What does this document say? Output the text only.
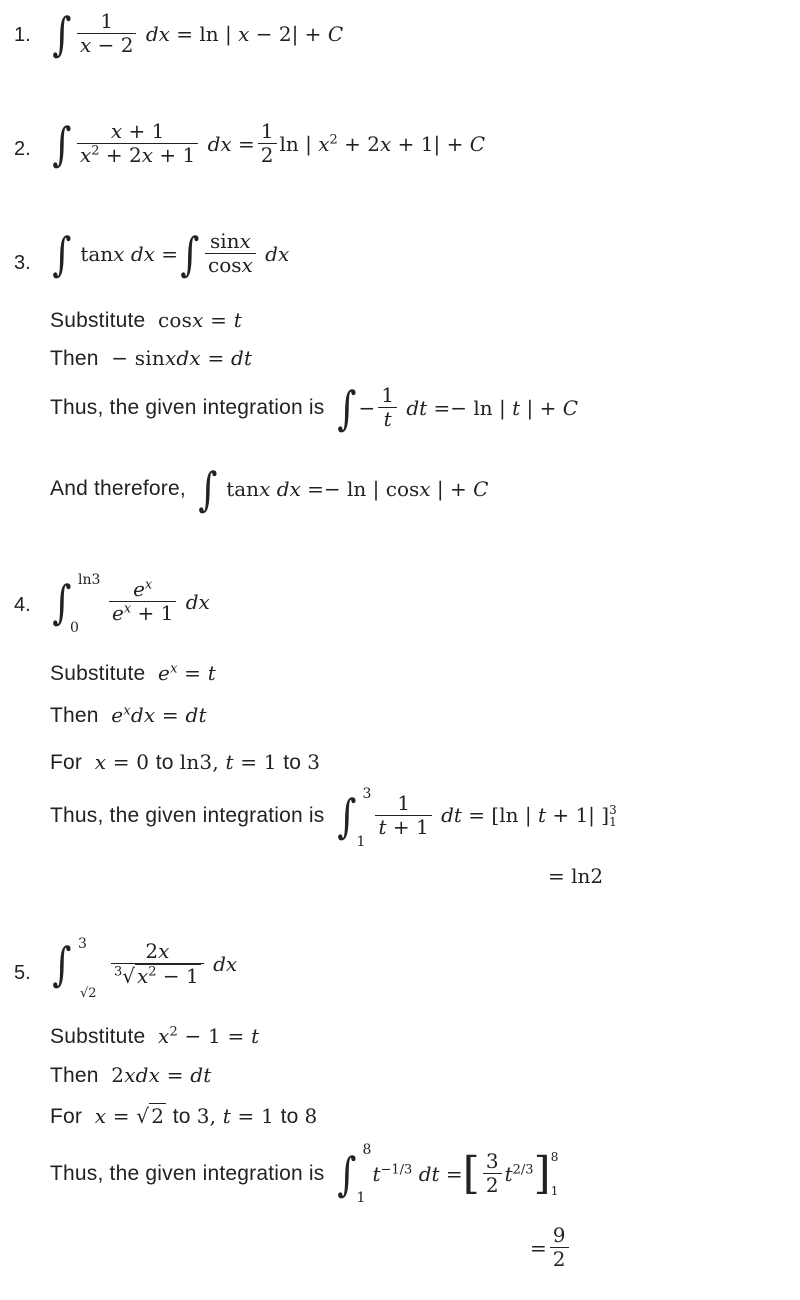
1. ∫ $\frac{1}{x - 2}$ dx = ln | x − 2| + C
2. ∫ $\frac{x + 1}{x^2 + 2x + 1}$ dx = $\frac{1}{2}$ ln | $x^2 + 2x + 1| + C$
3. ∫ tanx dx = ∫ $\frac{\sin x}{\cos x}$ dx
Substitute  cosx = t
Then  − sinxdx = dt
Thus, the given integration is ∫ − $\frac{1}{t}$ dt =− ln | t | + C
And therefore, ∫ tanx dx =− ln | cosx | + C
4. ∫ ln3
0
$\frac{e^x}{e^x + 1}$ dx
Substitute $e^x = t$
Then $e^xdx$ = dt
For x = 0 to ln3, t = 1 to 3
Thus, the given integration is ∫ 3
1
$\frac{1}{t + 1}$ dt = [ln | t + 1| ] 3
1
= ln2
5. ∫ 3
√2
$\frac{2x}{^3√ x^2 - 1}$ dx
Substitute $x^2 - 1 = t$
Then  2xdx = dt
For x = √ 2 to 3, t = 1 to 8
Thus, the given integration is ∫ 8
1
$t^{-1/3}$ dt = [ $\frac{3}{2} t^{2/3}$ ] 8
1
= $\frac{9}{2}$
